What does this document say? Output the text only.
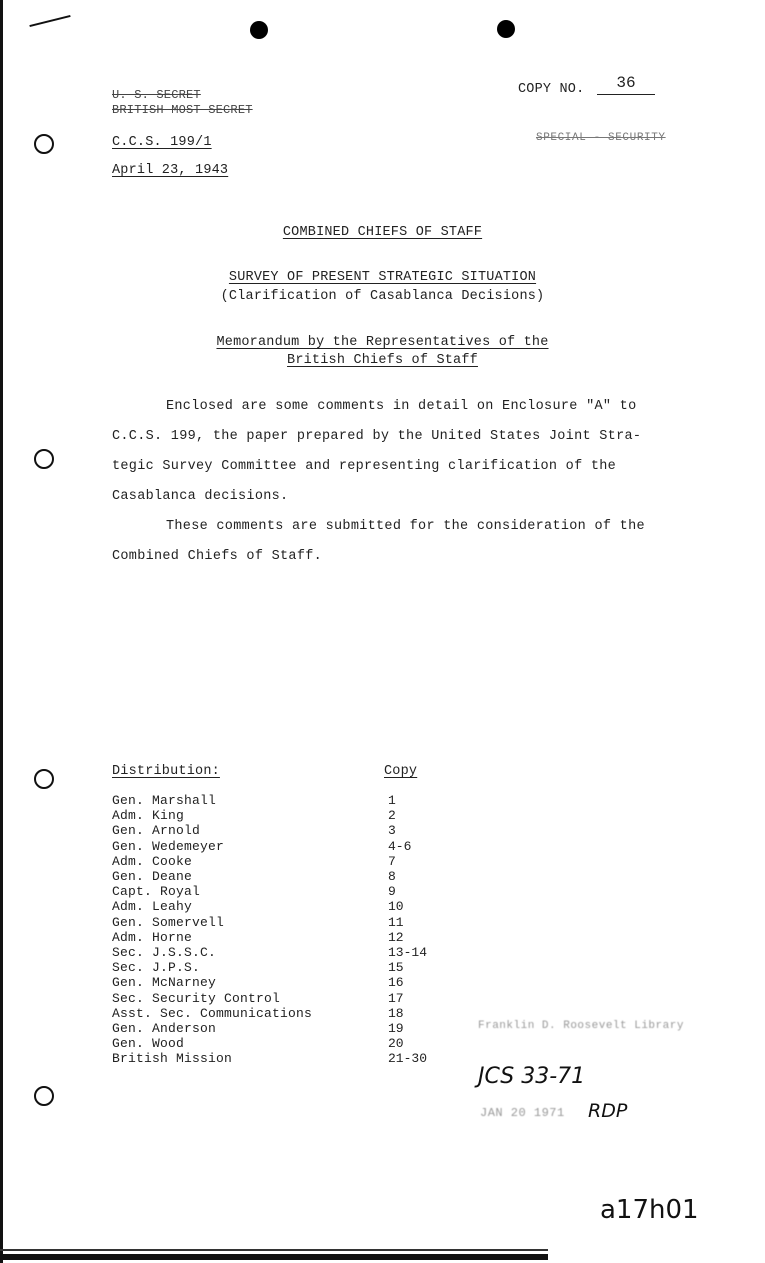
U. S. SECRET
BRITISH MOST SECRET
C.C.S. 199/1
April 23, 1943
COPY NO.	36
SPECIAL - SECURITY
COMBINED CHIEFS OF STAFF
SURVEY OF PRESENT STRATEGIC SITUATION
(Clarification of Casablanca Decisions)
Memorandum by the Representatives of the
British Chiefs of Staff
Enclosed are some comments in detail on Enclosure "A" to
C.C.S. 199, the paper prepared by the United States Joint Stra-
tegic Survey Committee and representing clarification of the
Casablanca decisions.
These comments are submitted for the consideration of the
Combined Chiefs of Staff.
Distribution:	Copy
Gen. Marshall	1
Adm. King	2
Gen. Arnold	3
Gen. Wedemeyer	4-6
Adm. Cooke	7
Gen. Deane	8
Capt. Royal	9
Adm. Leahy	10
Gen. Somervell	11
Adm. Horne	12
Sec. J.S.S.C.	13-14
Sec. J.P.S.	15
Gen. McNarney	16
Sec. Security Control	17
Asst. Sec. Communications	18
Gen. Anderson	19
Gen. Wood	20
British Mission	21-30
Franklin D. Roosevelt Library
JCS 33-71
JAN 20 1971 RDP
a17h01
